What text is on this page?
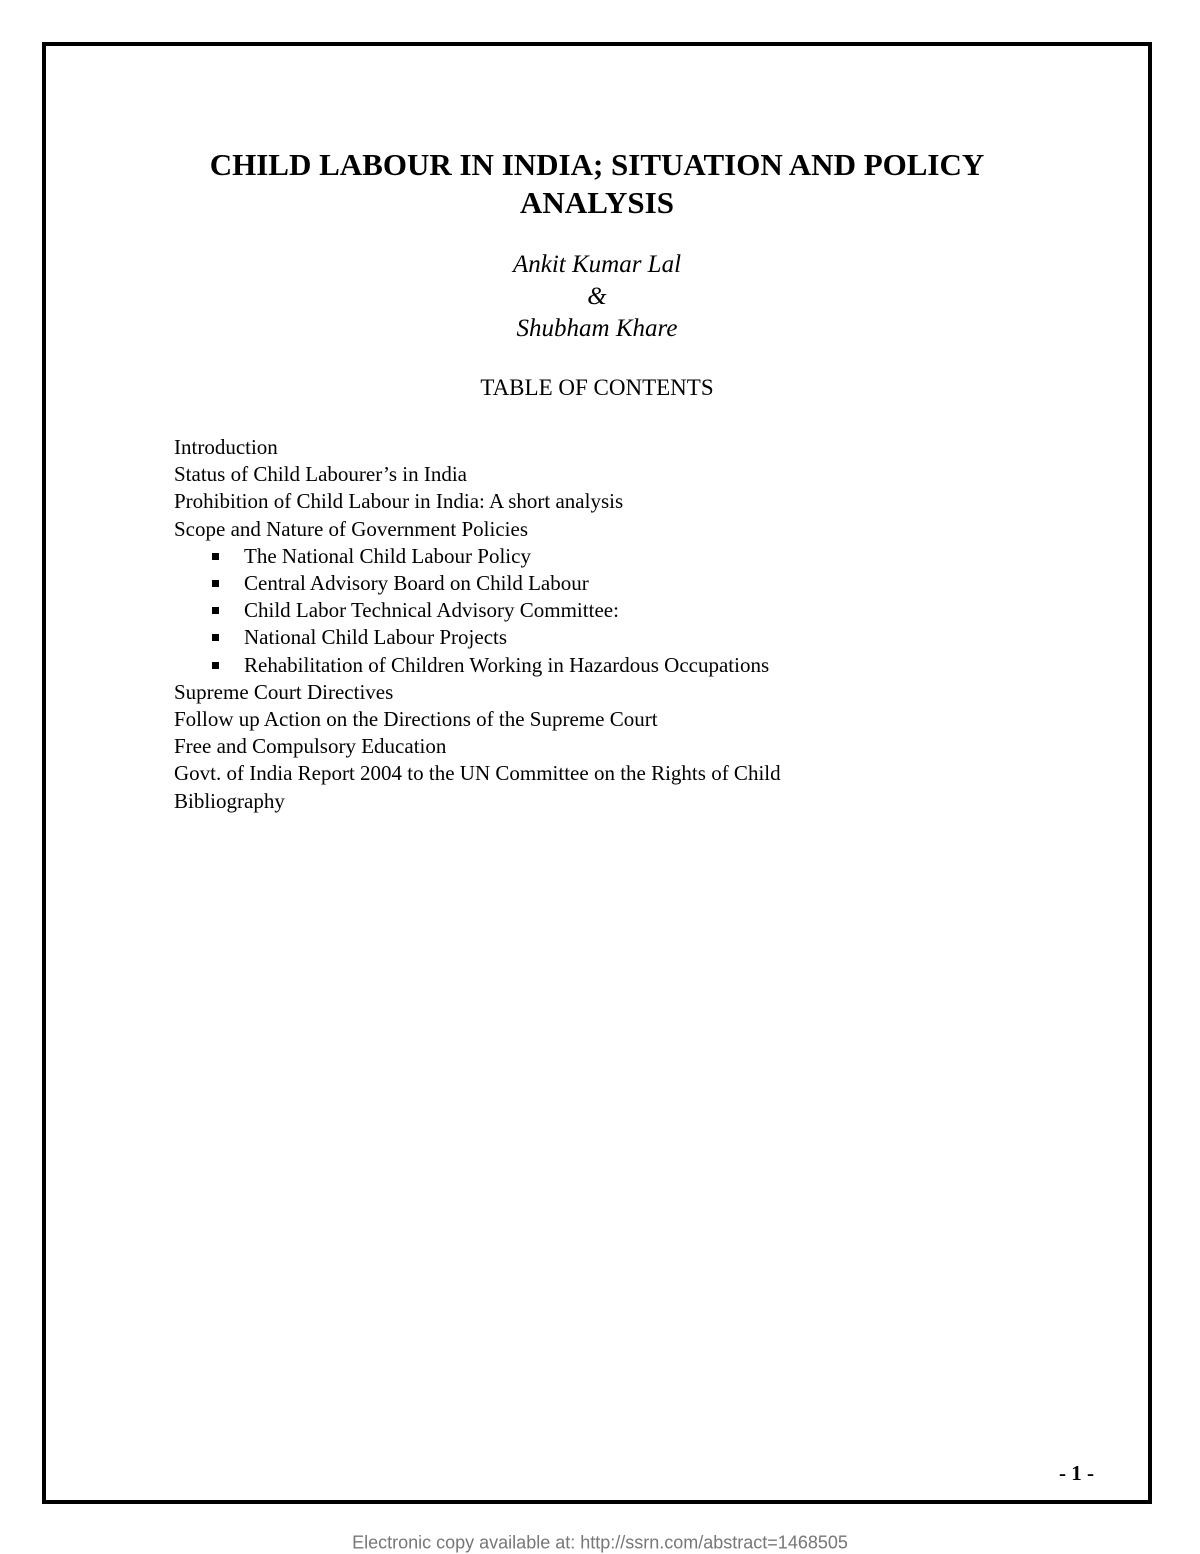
CHILD LABOUR IN INDIA; SITUATION AND POLICY
ANALYSIS
Ankit Kumar Lal
&
Shubham Khare
TABLE OF CONTENTS
Introduction
Status of Child Labourer’s in India
Prohibition of Child Labour in India: A short analysis
Scope and Nature of Government Policies
The National Child Labour Policy
Central Advisory Board on Child Labour
Child Labor Technical Advisory Committee:
National Child Labour Projects
Rehabilitation of Children Working in Hazardous Occupations
Supreme Court Directives
Follow up Action on the Directions of the Supreme Court
Free and Compulsory Education
Govt. of India Report 2004 to the UN Committee on the Rights of Child
Bibliography
- 1 -
Electronic copy available at: http://ssrn.com/abstract=1468505
